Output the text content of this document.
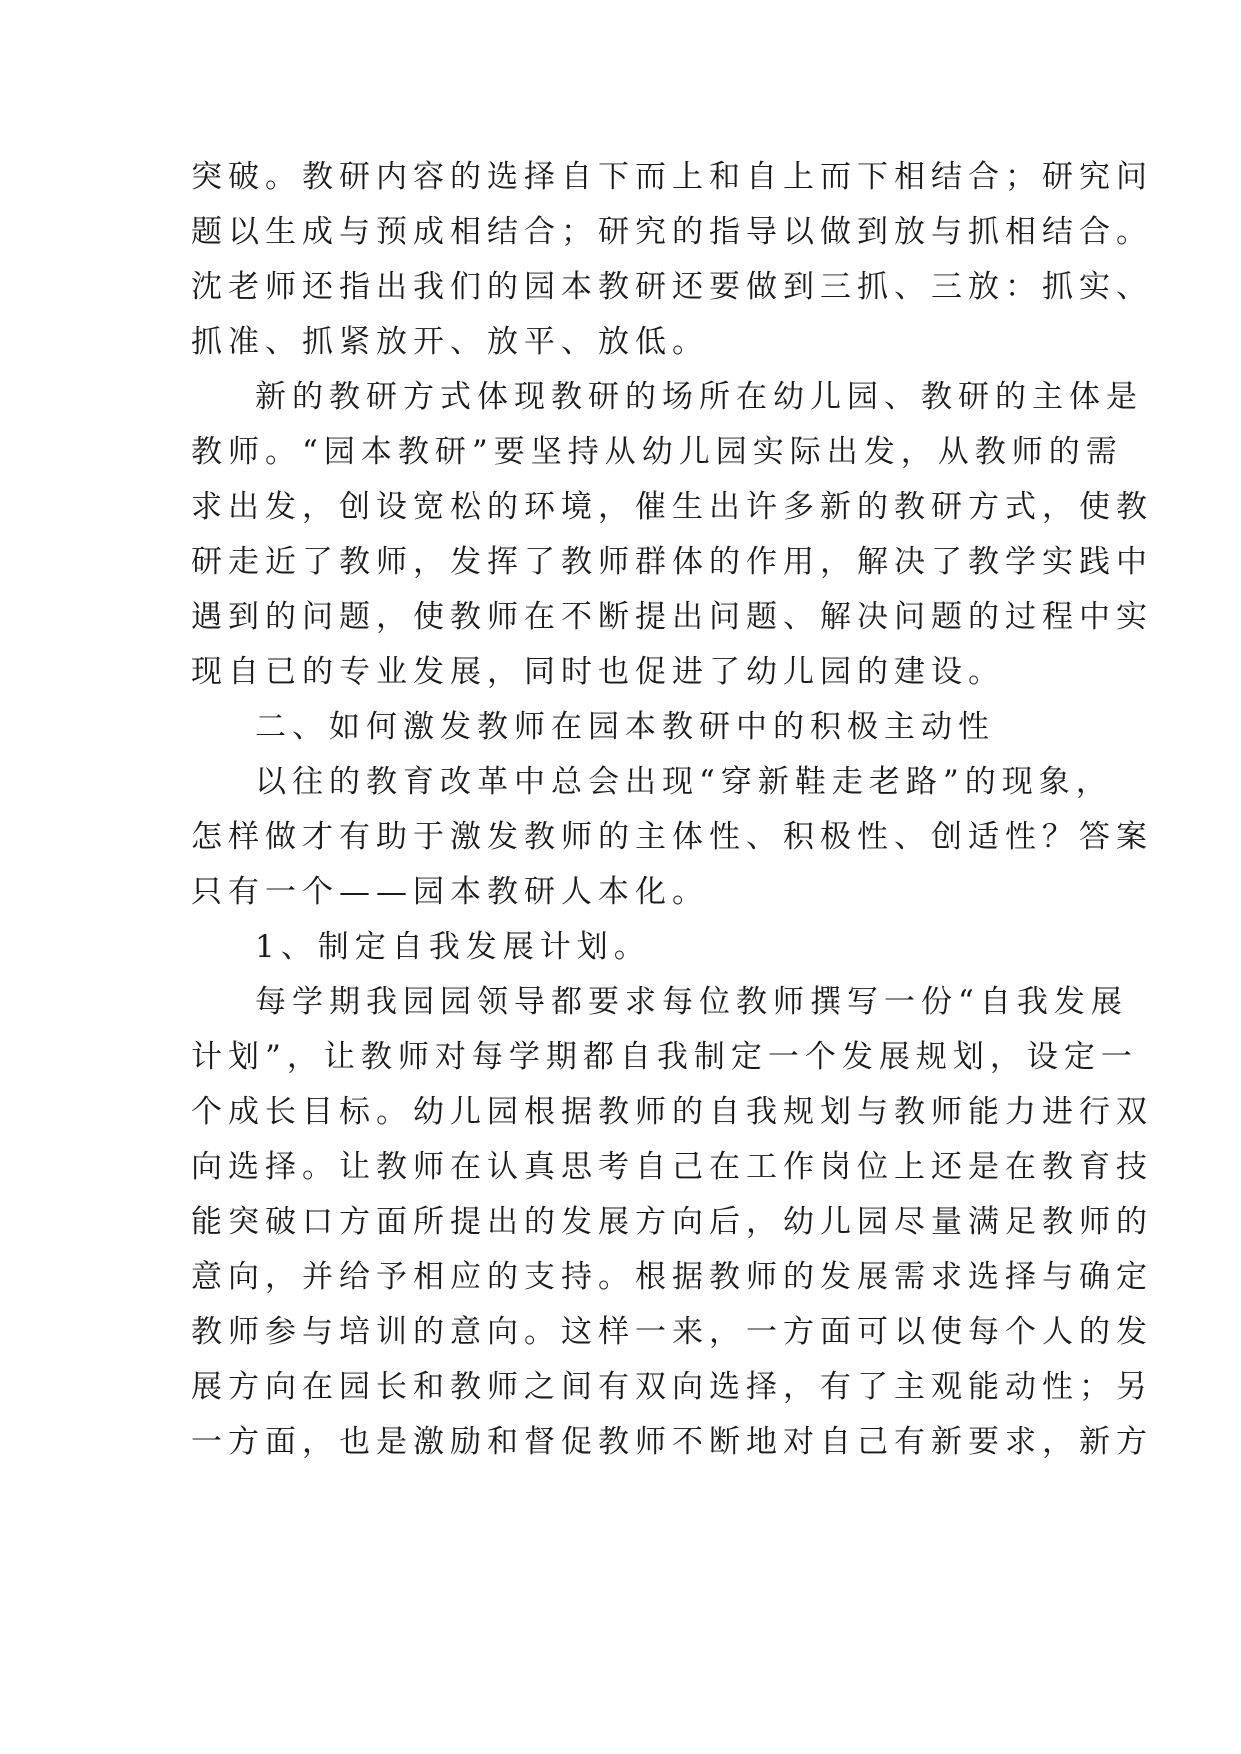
突破。教研内容的选择自下而上和自上而下相结合；研究问
题以生成与预成相结合；研究的指导以做到放与抓相结合。
沈老师还指出我们的园本教研还要做到三抓、三放：抓实、
抓准、抓紧放开、放平、放低。
新的教研方式体现教研的场所在幼儿园、教研的主体是
教师。“园本教研”要坚持从幼儿园实际出发，从教师的需
求出发，创设宽松的环境，催生出许多新的教研方式，使教
研走近了教师，发挥了教师群体的作用，解决了教学实践中
遇到的问题，使教师在不断提出问题、解决问题的过程中实
现自已的专业发展，同时也促进了幼儿园的建设。
二、如何激发教师在园本教研中的积极主动性
以往的教育改革中总会出现“穿新鞋走老路”的现象，
怎样做才有助于激发教师的主体性、积极性、创适性？答案
只有一个——园本教研人本化。
1、制定自我发展计划。
每学期我园园领导都要求每位教师撰写一份“自我发展
计划”，让教师对每学期都自我制定一个发展规划，设定一
个成长目标。幼儿园根据教师的自我规划与教师能力进行双
向选择。让教师在认真思考自己在工作岗位上还是在教育技
能突破口方面所提出的发展方向后，幼儿园尽量满足教师的
意向，并给予相应的支持。根据教师的发展需求选择与确定
教师参与培训的意向。这样一来，一方面可以使每个人的发
展方向在园长和教师之间有双向选择，有了主观能动性；另
一方面，也是激励和督促教师不断地对自己有新要求，新方
